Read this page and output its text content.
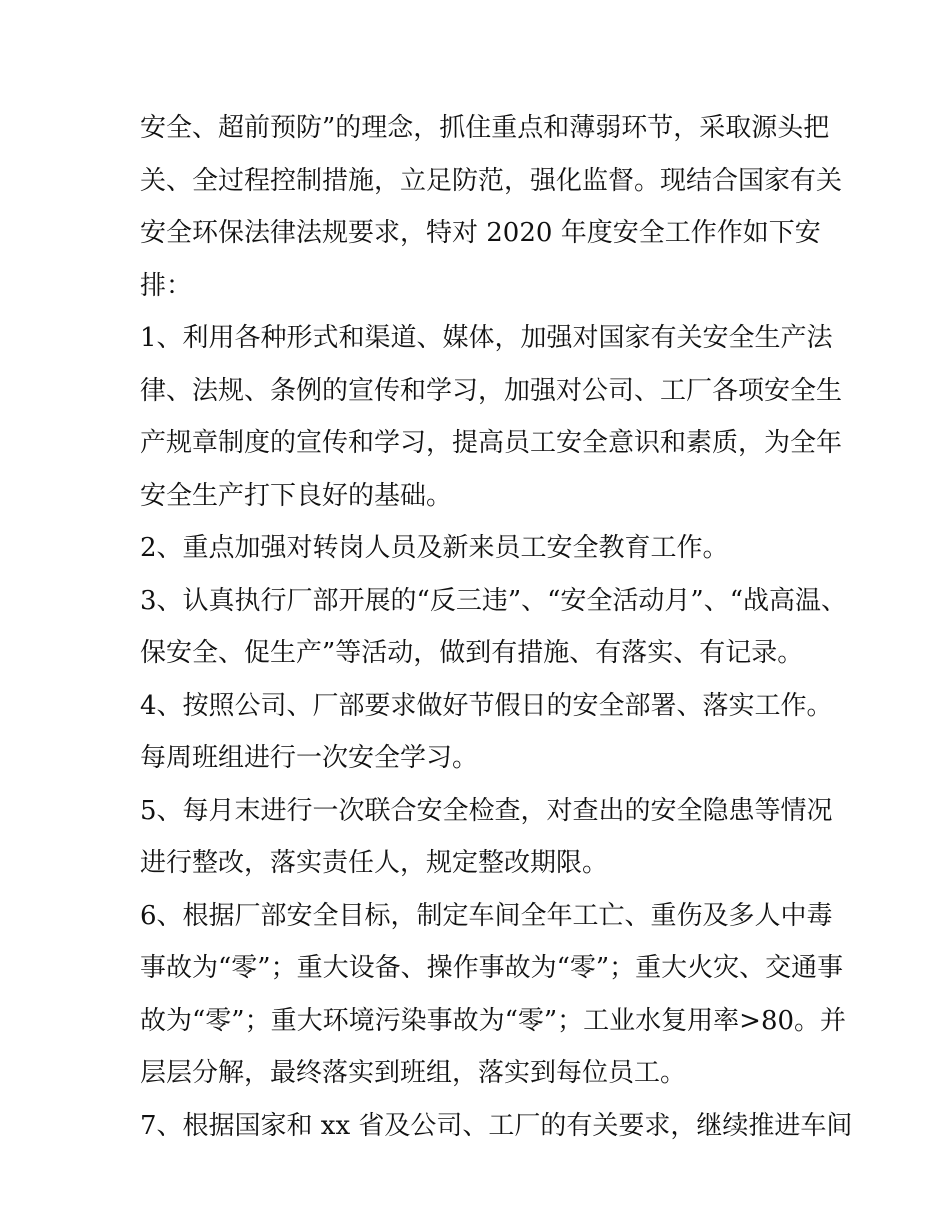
安全、超前预防”的理念，抓住重点和薄弱环节，采取源头把
关、全过程控制措施，立足防范，强化监督。现结合国家有关
安全环保法律法规要求，特对 2020 年度安全工作作如下安
排：
1、利用各种形式和渠道、媒体，加强对国家有关安全生产法
律、法规、条例的宣传和学习，加强对公司、工厂各项安全生
产规章制度的宣传和学习，提高员工安全意识和素质，为全年
安全生产打下良好的基础。
2、重点加强对转岗人员及新来员工安全教育工作。
3、认真执行厂部开展的“反三违”、“安全活动月”、“战高温、
保安全、促生产”等活动，做到有措施、有落实、有记录。
4、按照公司、厂部要求做好节假日的安全部署、落实工作。
每周班组进行一次安全学习。
5、每月末进行一次联合安全检查，对查出的安全隐患等情况
进行整改，落实责任人，规定整改期限。
6、根据厂部安全目标，制定车间全年工亡、重伤及多人中毒
事故为“零”；重大设备、操作事故为“零”；重大火灾、交通事
故为“零”；重大环境污染事故为“零”；工业水复用率>80。并
层层分解，最终落实到班组，落实到每位员工。
7、根据国家和 xx 省及公司、工厂的有关要求，继续推进车间
